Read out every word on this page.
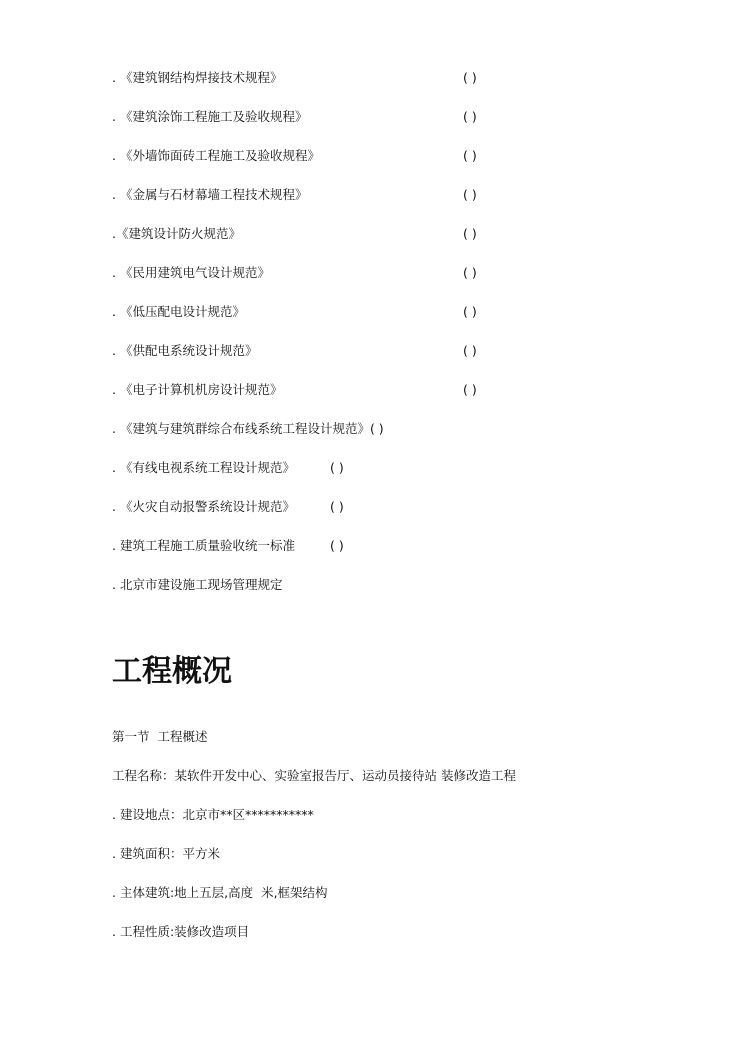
. 《建筑钢结构焊接技术规程》	( )
. 《建筑涂饰工程施工及验收规程》	( )
. 《外墙饰面砖工程施工及验收规程》	( )
. 《金属与石材幕墙工程技术规程》	( )
.《建筑设计防火规范》	( )
. 《民用建筑电气设计规范》	( )
. 《低压配电设计规范》	( )
. 《供配电系统设计规范》	( )
. 《电子计算机机房设计规范》	( )
. 《建筑与建筑群综合布线系统工程设计规范》( )
. 《有线电视系统工程设计规范》	( )
. 《火灾自动报警系统设计规范》	( )
. 建筑工程施工质量验收统一标准	( )
. 北京市建设施工现场管理规定
工程概况
第一节  工程概述
工程名称：某软件开发中心、实验室报告厅、运动员接待站 装修改造工程
. 建设地点：北京市**区***********
. 建筑面积：平方米
. 主体建筑:地上五层,高度  米,框架结构
. 工程性质:装修改造项目
